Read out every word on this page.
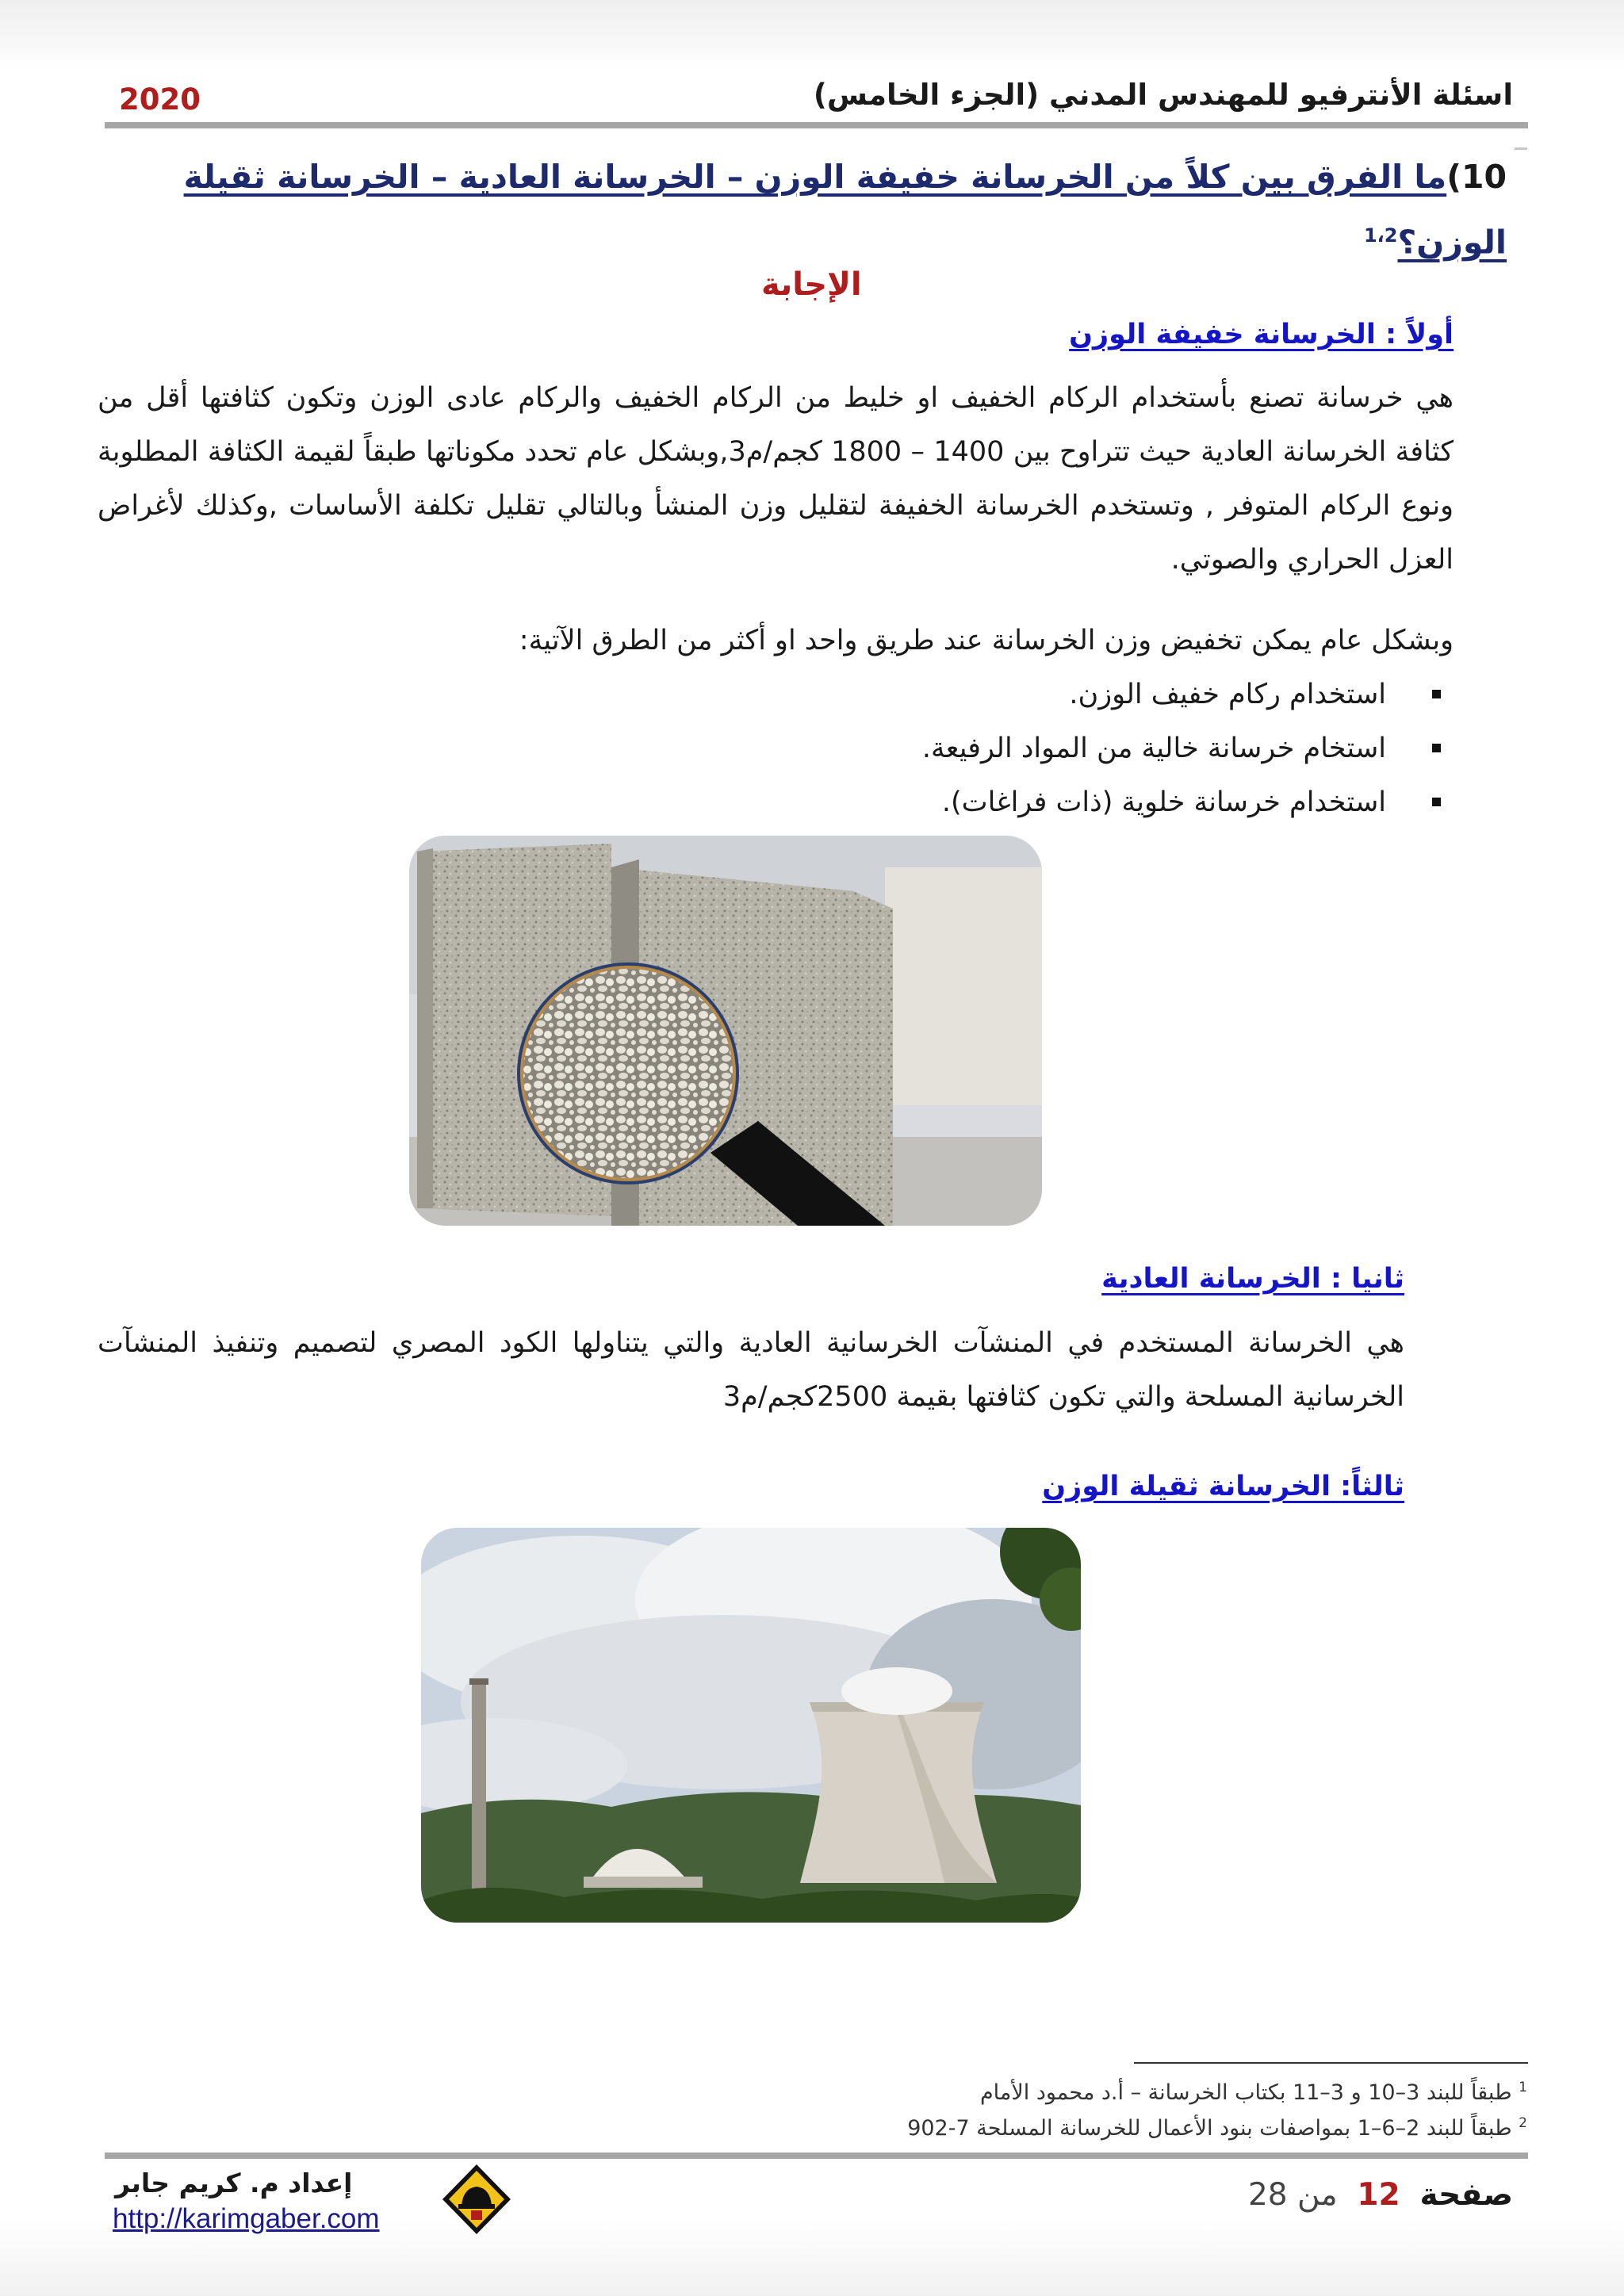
اسئلة الأنترفيو للمهندس المدني (الجزء الخامس)
2020
10)ما الفرق بين كلاً من الخرسانة خفيفة الوزن – الخرسانة العادية – الخرسانة ثقيلة الوزن؟$^{1،2}$
الإجابة
أولاً : الخرسانة خفيفة الوزن
هي خرسانة تصنع بأستخدام الركام الخفيف او خليط من الركام الخفيف والركام عادى الوزن وتكون كثافتها أقل من كثافة الخرسانة العادية حيث تتراوح بين 1400 – 1800 كجم/م3,وبشكل عام تحدد مكوناتها طبقاً لقيمة الكثافة المطلوبة ونوع الركام المتوفر , وتستخدم الخرسانة الخفيفة لتقليل وزن المنشأ وبالتالي تقليل تكلفة الأساسات ,وكذلك لأغراض العزل الحراري والصوتي.
وبشكل عام يمكن تخفيض وزن الخرسانة عند طريق واحد او أكثر من الطرق الآتية:
استخدام ركام خفيف الوزن.
استخام خرسانة خالية من المواد الرفيعة.
استخدام خرسانة خلوية (ذات فراغات).
ثانيا : الخرسانة العادية
هي الخرسانة المستخدم في المنشآت الخرسانية العادية والتي يتناولها الكود المصري لتصميم وتنفيذ المنشآت الخرسانية المسلحة والتي تكون كثافتها بقيمة 2500كجم/م3
ثالثاً: الخرسانة ثقيلة الوزن
$^1$ طبقاً للبند 3–10 و 3–11 بكتاب الخرسانة – أ.د محمود الأمام
$^2$ طبقاً للبند 2–6–1 بمواصفات بنود الأعمال للخرسانة المسلحة 7-902
إعداد م. كريم جابر
http://karimgaber.com
صفحة  12  من 28
